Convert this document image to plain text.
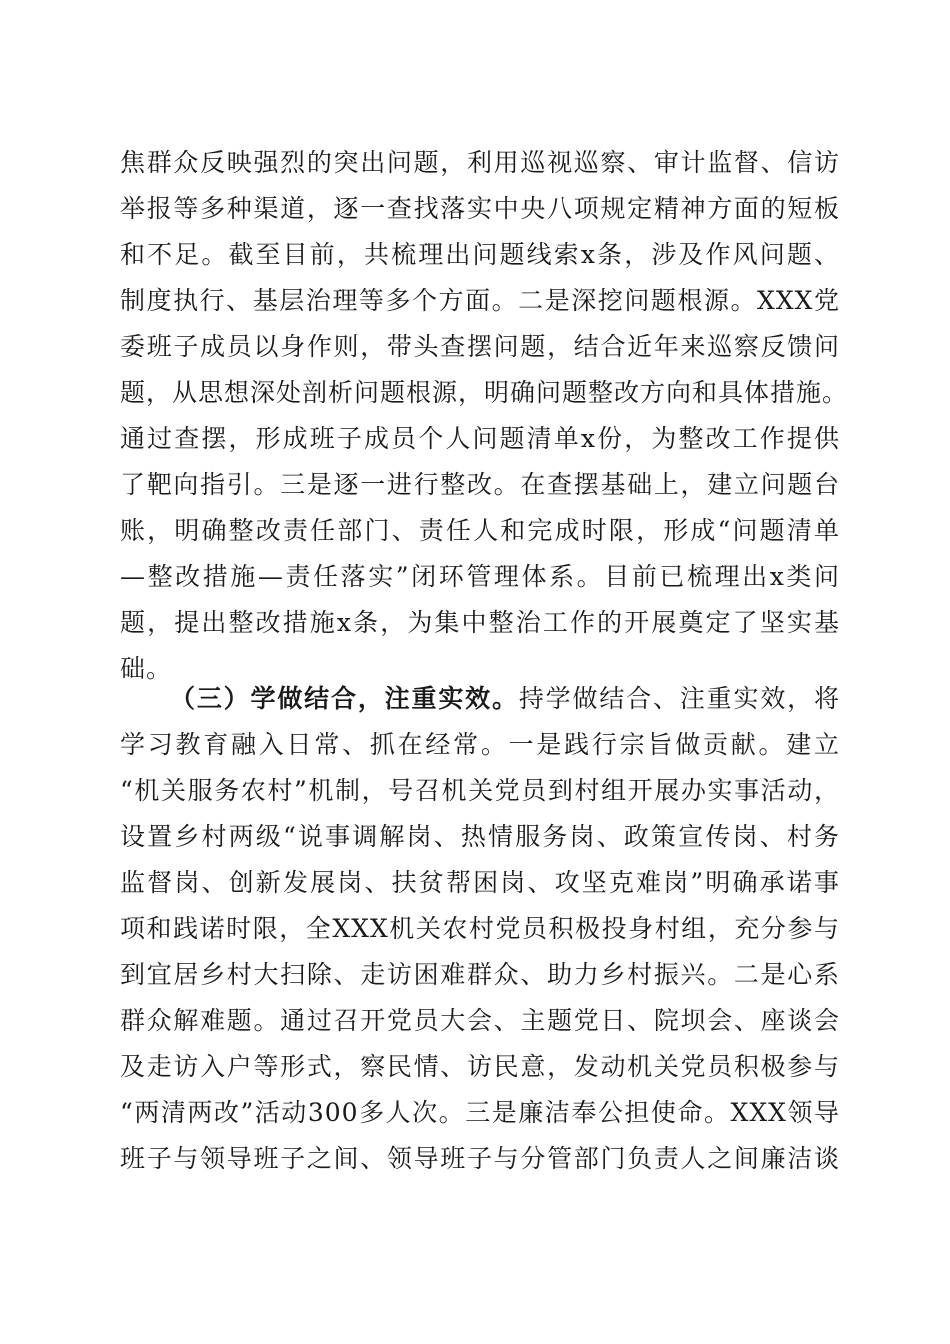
焦群众反映强烈的突出问题，利用巡视巡察、审计监督、信访
举报等多种渠道，逐一查找落实中央八项规定精神方面的短板
和不足。截至目前，共梳理出问题线索x条，涉及作风问题、
制度执行、基层治理等多个方面。二是深挖问题根源。XXX党
委班子成员以身作则，带头查摆问题，结合近年来巡察反馈问
题，从思想深处剖析问题根源，明确问题整改方向和具体措施。
通过查摆，形成班子成员个人问题清单x份，为整改工作提供
了靶向指引。三是逐一进行整改。在查摆基础上，建立问题台
账，明确整改责任部门、责任人和完成时限，形成“问题清单
—整改措施—责任落实”闭环管理体系。目前已梳理出x类问
题，提出整改措施x条，为集中整治工作的开展奠定了坚实基
础。
（三）学做结合，注重实效。持学做结合、注重实效，将
学习教育融入日常、抓在经常。一是践行宗旨做贡献。建立
“机关服务农村”机制，号召机关党员到村组开展办实事活动，
设置乡村两级“说事调解岗、热情服务岗、政策宣传岗、村务
监督岗、创新发展岗、扶贫帮困岗、攻坚克难岗”明确承诺事
项和践诺时限，全XXX机关农村党员积极投身村组，充分参与
到宜居乡村大扫除、走访困难群众、助力乡村振兴。二是心系
群众解难题。通过召开党员大会、主题党日、院坝会、座谈会
及走访入户等形式，察民情、访民意，发动机关党员积极参与
“两清两改”活动300多人次。三是廉洁奉公担使命。XXX领导
班子与领导班子之间、领导班子与分管部门负责人之间廉洁谈
